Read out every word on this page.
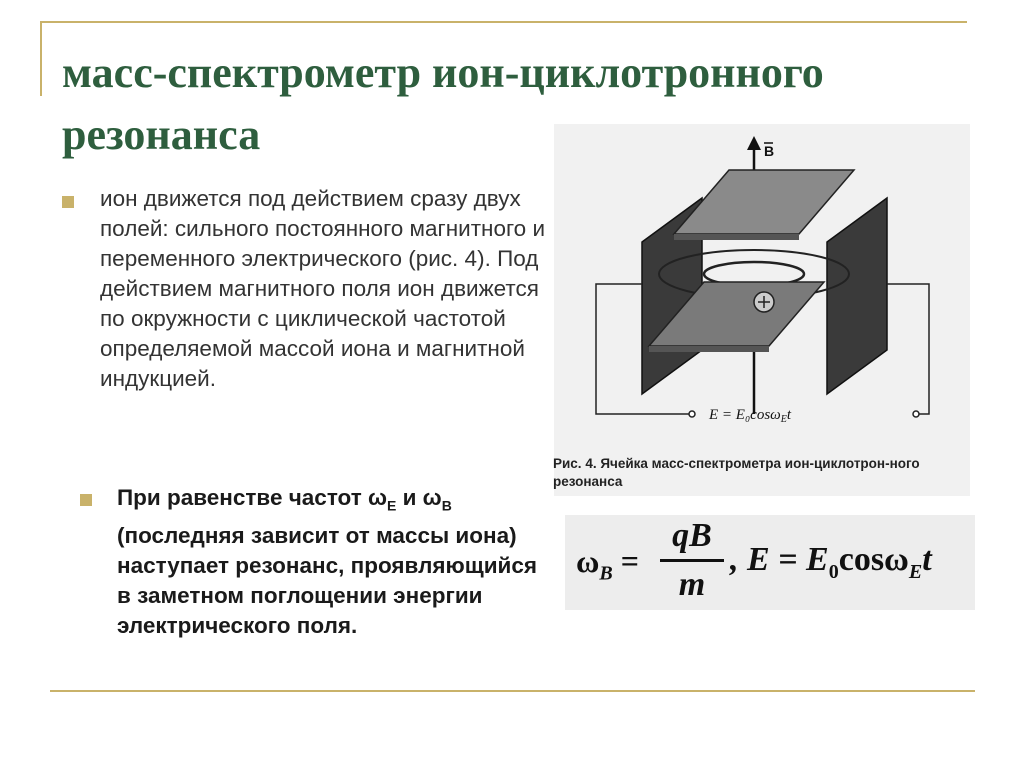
масс-спектрометр ион-циклотронного резонанса
ион движется под действием сразу двух полей: сильного постоянного магнитного и переменного электрического (рис. 4). Под действием магнитного поля ион движется по окружности с циклической частотой определяемой массой иона и магнитной индукцией.
При равенстве частот $\omega_E$ и $\omega_B$ (последняя зависит от массы иона) наступает резонанс, проявляющийся в заметном поглощении энергии электрического поля.
B
E = E₀cosω$_E$t
Рис. 4. Ячейка масс-спектрометра ион-циклотрон-ного резонанса
$\omega_B$ =
qB
m
, $E = E_0\cos\omega_Et$
